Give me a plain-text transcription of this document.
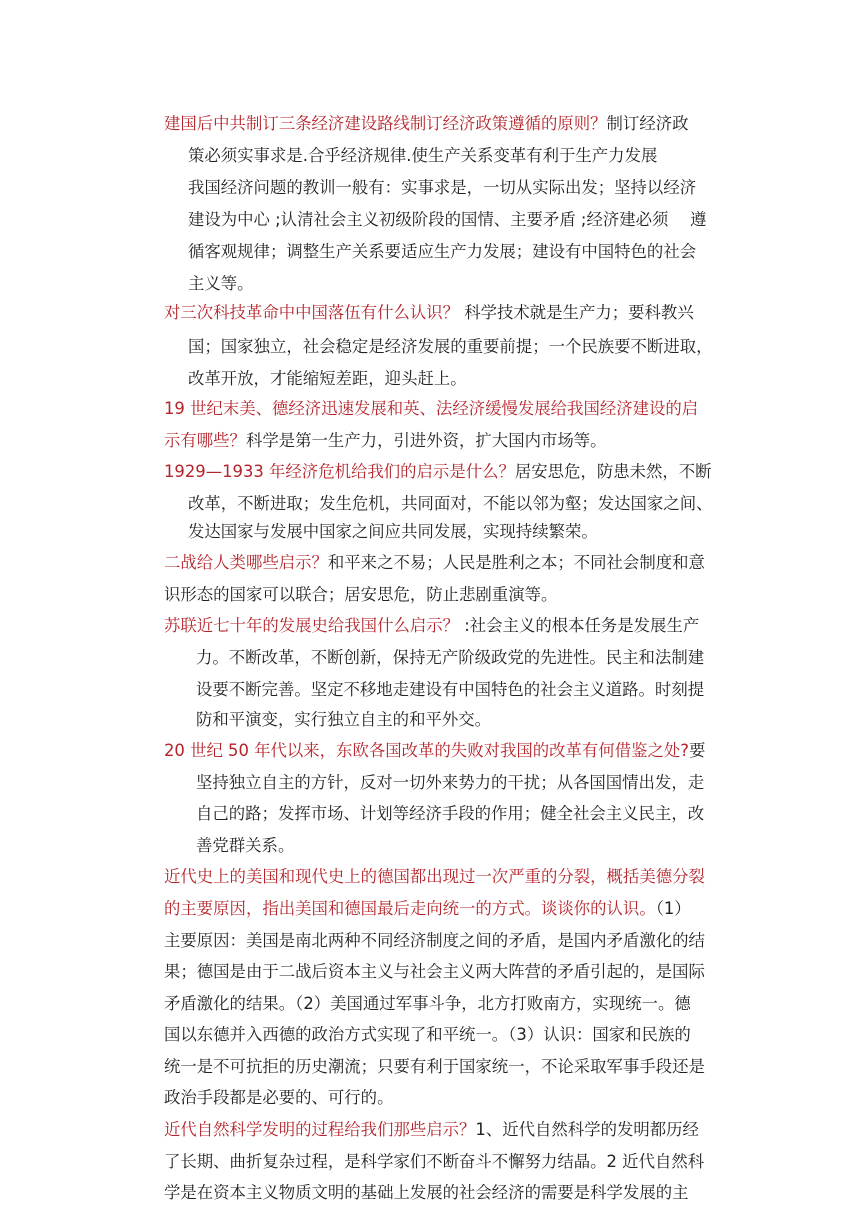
建国后中共制订三条经济建设路线制订经济政策遵循的原则？制订经济政
策必须实事求是.合乎经济规律.使生产关系变革有利于生产力发展
我国经济问题的教训一般有：实事求是，一切从实际出发；坚持以经济
建设为中心 ;认清社会主义初级阶段的国情、主要矛盾 ;经济建必须　 遵
循客观规律；调整生产关系要适应生产力发展；建设有中国特色的社会
主义等。
对三次科技革命中中国落伍有什么认识？ 科学技术就是生产力；要科教兴
国；国家独立，社会稳定是经济发展的重要前提；一个民族要不断进取，
改革开放，才能缩短差距，迎头赶上。
19 世纪末美、德经济迅速发展和英、法经济缓慢发展给我国经济建设的启
示有哪些？科学是第一生产力，引进外资，扩大国内市场等。
1929—1933 年经济危机给我们的启示是什么？居安思危，防患未然，不断
改革，不断进取；发生危机，共同面对，不能以邻为壑；发达国家之间、
发达国家与发展中国家之间应共同发展，实现持续繁荣。
二战给人类哪些启示？和平来之不易；人民是胜利之本；不同社会制度和意
识形态的国家可以联合；居安思危，防止悲剧重演等。
苏联近七十年的发展史给我国什么启示？ :社会主义的根本任务是发展生产
力。不断改革，不断创新，保持无产阶级政党的先进性。民主和法制建
设要不断完善。坚定不移地走建设有中国特色的社会主义道路。时刻提
防和平演变，实行独立自主的和平外交。
20 世纪 50 年代以来，东欧各国改革的失败对我国的改革有何借鉴之处?要
坚持独立自主的方针，反对一切外来势力的干扰；从各国国情出发，走
自己的路；发挥市场、计划等经济手段的作用；健全社会主义民主，改
善党群关系。
近代史上的美国和现代史上的德国都出现过一次严重的分裂，概括美德分裂
的主要原因，指出美国和德国最后走向统一的方式。谈谈你的认识。（1）
主要原因：美国是南北两种不同经济制度之间的矛盾，是国内矛盾激化的结
果；德国是由于二战后资本主义与社会主义两大阵营的矛盾引起的，是国际
矛盾激化的结果。（2）美国通过军事斗争，北方打败南方，实现统一。德
国以东德并入西德的政治方式实现了和平统一。（3）认识：国家和民族的
统一是不可抗拒的历史潮流；只要有利于国家统一，不论采取军事手段还是
政治手段都是必要的、可行的。
近代自然科学发明的过程给我们那些启示？1、近代自然科学的发明都历经
了长期、曲折复杂过程，是科学家们不断奋斗不懈努力结晶。2 近代自然科
学是在资本主义物质文明的基础上发展的社会经济的需要是科学发展的主
